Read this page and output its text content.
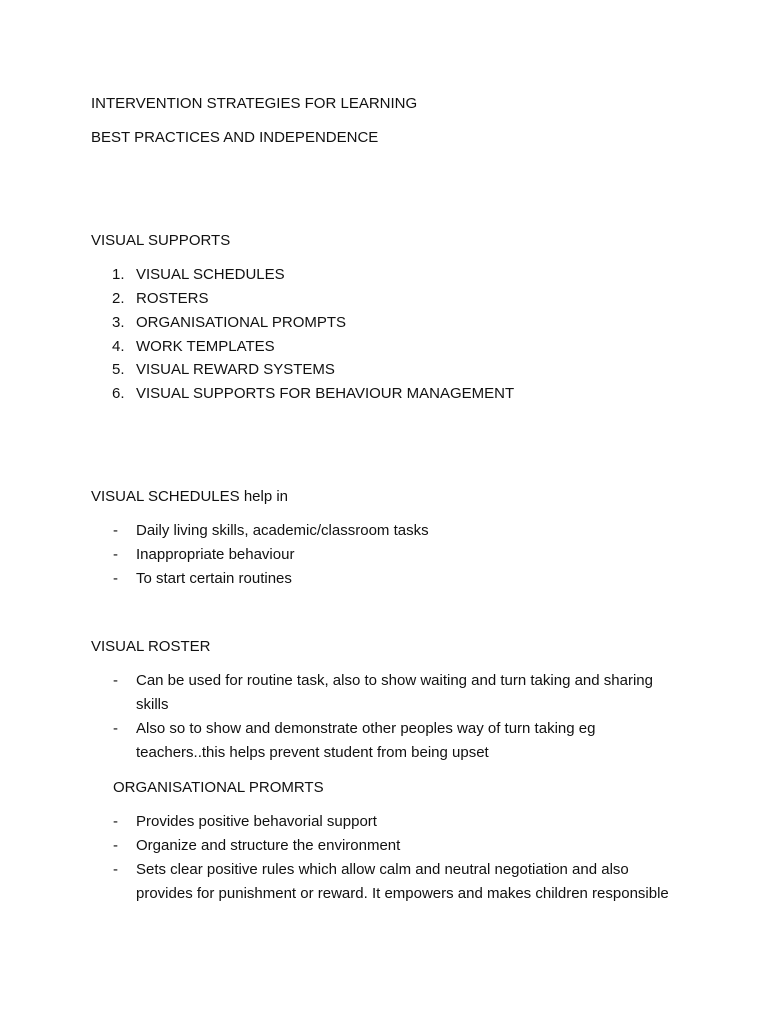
INTERVENTION STRATEGIES FOR LEARNING

BEST PRACTICES AND INDEPENDENCE

VISUAL SUPPORTS

1. VISUAL SCHEDULES
2. ROSTERS
3. ORGANISATIONAL PROMPTS
4. WORK TEMPLATES
5. VISUAL REWARD SYSTEMS
6. VISUAL SUPPORTS FOR BEHAVIOUR MANAGEMENT

VISUAL SCHEDULES help in

- Daily living skills, academic/classroom tasks
- Inappropriate behaviour
- To start certain routines

VISUAL ROSTER

- Can be used for routine task, also to show waiting and turn taking and sharing skills
- Also so to show and demonstrate other peoples way of turn taking eg teachers..this helps prevent student from being upset

ORGANISATIONAL PROMRTS

- Provides positive behavorial support
- Organize and structure the environment
- Sets clear positive rules which allow calm and neutral negotiation and also provides for punishment or reward. It empowers and makes children responsible
